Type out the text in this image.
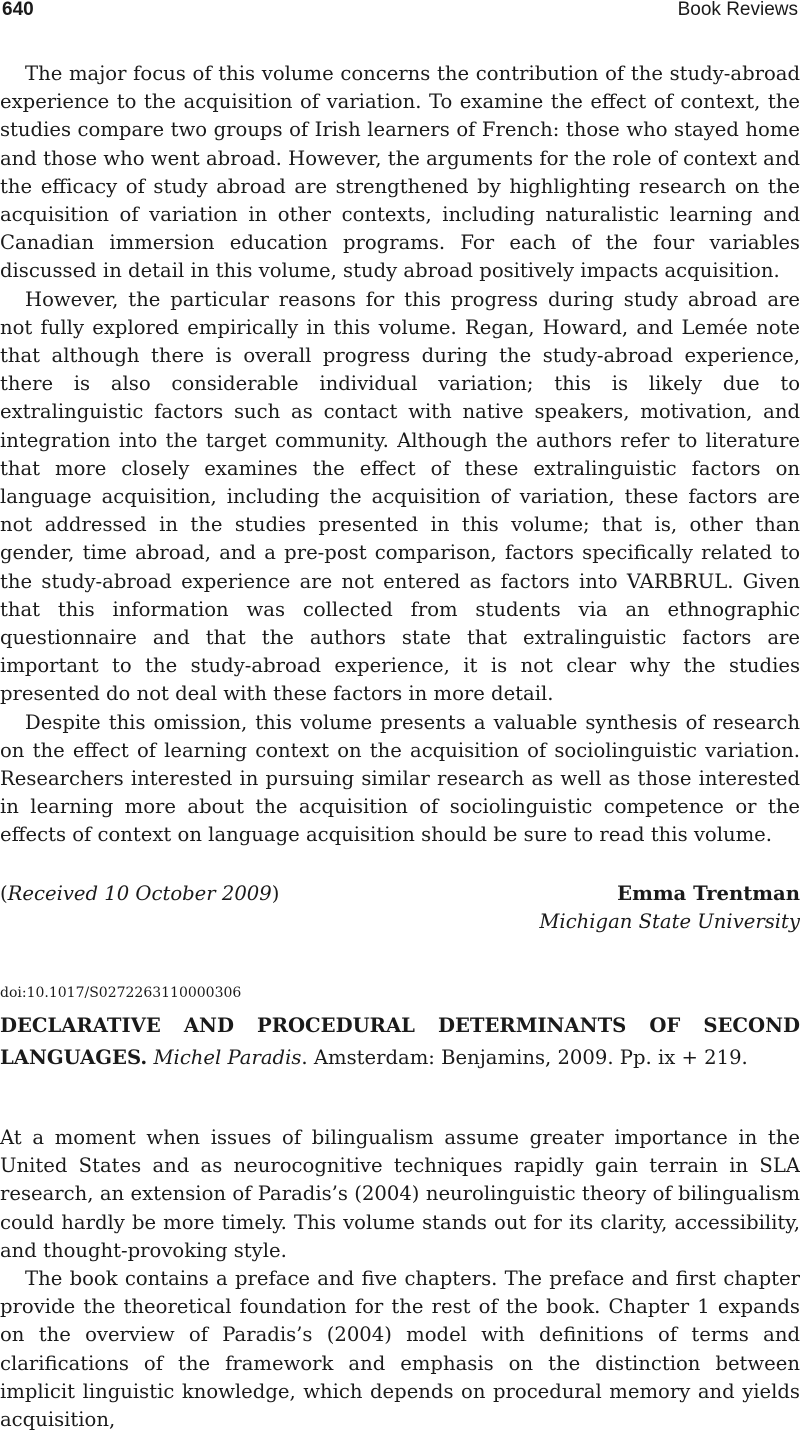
640	Book Reviews

The major focus of this volume concerns the contribution of the study-abroad experience to the acquisition of variation. To examine the effect of context, the studies compare two groups of Irish learners of French: those who stayed home and those who went abroad. However, the arguments for the role of context and the efficacy of study abroad are strengthened by highlighting research on the acquisition of variation in other contexts, including naturalistic learning and Canadian immersion education programs. For each of the four variables discussed in detail in this volume, study abroad positively impacts acquisition.

However, the particular reasons for this progress during study abroad are not fully explored empirically in this volume. Regan, Howard, and Lemée note that although there is overall progress during the study-abroad experience, there is also considerable individual variation; this is likely due to extralinguistic factors such as contact with native speakers, motivation, and integration into the target community. Although the authors refer to literature that more closely examines the effect of these extralinguistic factors on language acquisition, including the acquisition of variation, these factors are not addressed in the studies presented in this volume; that is, other than gender, time abroad, and a pre-post comparison, factors specifically related to the study-abroad experience are not entered as factors into VARBRUL. Given that this information was collected from students via an ethnographic questionnaire and that the authors state that extralinguistic factors are important to the study-abroad experience, it is not clear why the studies presented do not deal with these factors in more detail.

Despite this omission, this volume presents a valuable synthesis of research on the effect of learning context on the acquisition of sociolinguistic variation. Researchers interested in pursuing similar research as well as those interested in learning more about the acquisition of sociolinguistic competence or the effects of context on language acquisition should be sure to read this volume.

(Received 10 October 2009)	Emma Trentman
Michigan State University
doi:10.1017/S0272263110000306
DECLARATIVE AND PROCEDURAL DETERMINANTS OF SECOND LANGUAGES. Michel Paradis. Amsterdam: Benjamins, 2009. Pp. ix + 219.

At a moment when issues of bilingualism assume greater importance in the United States and as neurocognitive techniques rapidly gain terrain in SLA research, an extension of Paradis’s (2004) neurolinguistic theory of bilingualism could hardly be more timely. This volume stands out for its clarity, accessibility, and thought-provoking style.

The book contains a preface and five chapters. The preface and first chapter provide the theoretical foundation for the rest of the book. Chapter 1 expands on the overview of Paradis’s (2004) model with definitions of terms and clarifications of the framework and emphasis on the distinction between implicit linguistic knowledge, which depends on procedural memory and yields acquisition,
